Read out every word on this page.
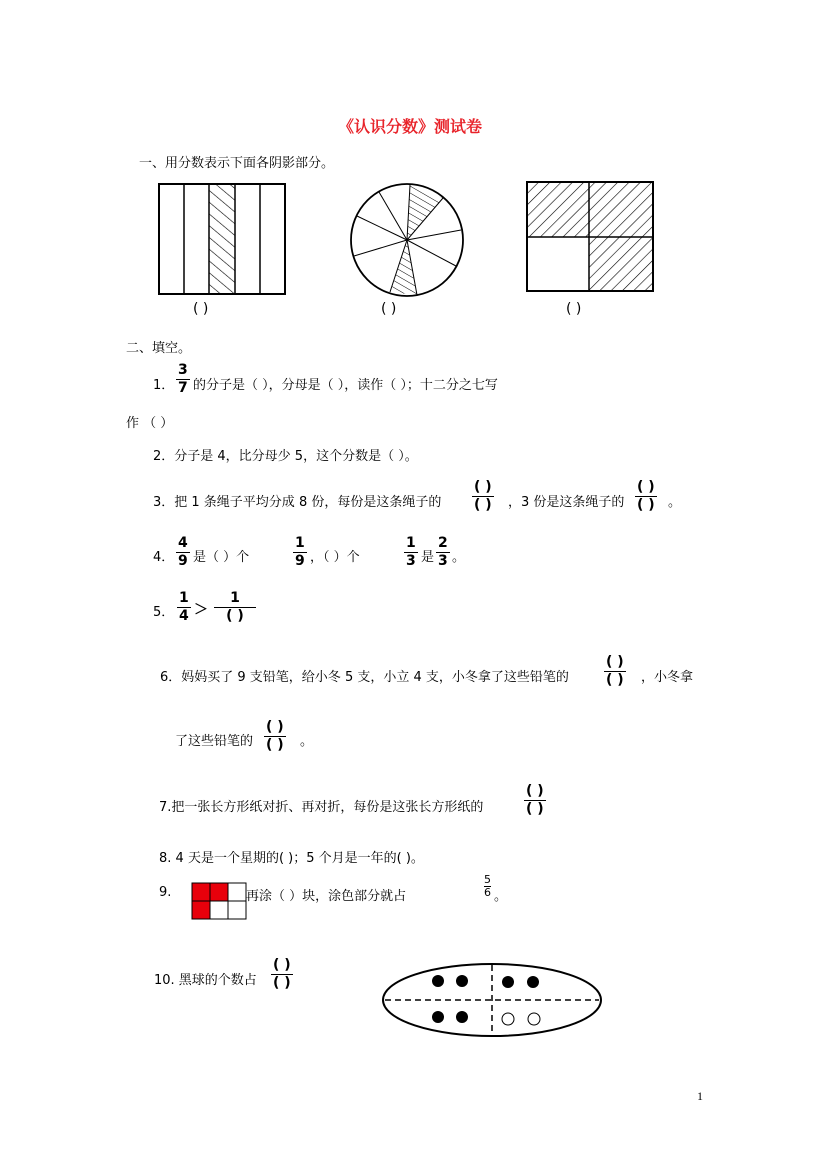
《认识分数》测试卷
一、用分数表示下面各阴影部分。
( )	( )	( )
二、填空。
1．
3
7 的分子是（ ），分母是（ ），读作（ ）；十二分之七写
作 （ ）
2．分子是 4，比分母少 5，这个分数是（ ）。
3．把 1 条绳子平均分成 8 份，每份是这条绳子的
( )
( ) ，3 份是这条绳子的
( )
( ) 。
4．
4
9 是（ ）个
1
9 ，（ ）个
1
3 是
2
3 。
5．
1
4 ＞
1
( )
6．妈妈买了 9 支铅笔，给小冬 5 支，小立 4 支，小冬拿了这些铅笔的
( )
( ) ，小冬拿
了这些铅笔的
( )
( ) 。
7.把一张长方形纸对折、再对折，每份是这张长方形纸的
( )
( )
8. 4 天是一个星期的( )；5 个月是一年的( )。
9.	再涂（ ）块，涂色部分就占
5
6 。
10. 黑球的个数占
( )
( )
1
